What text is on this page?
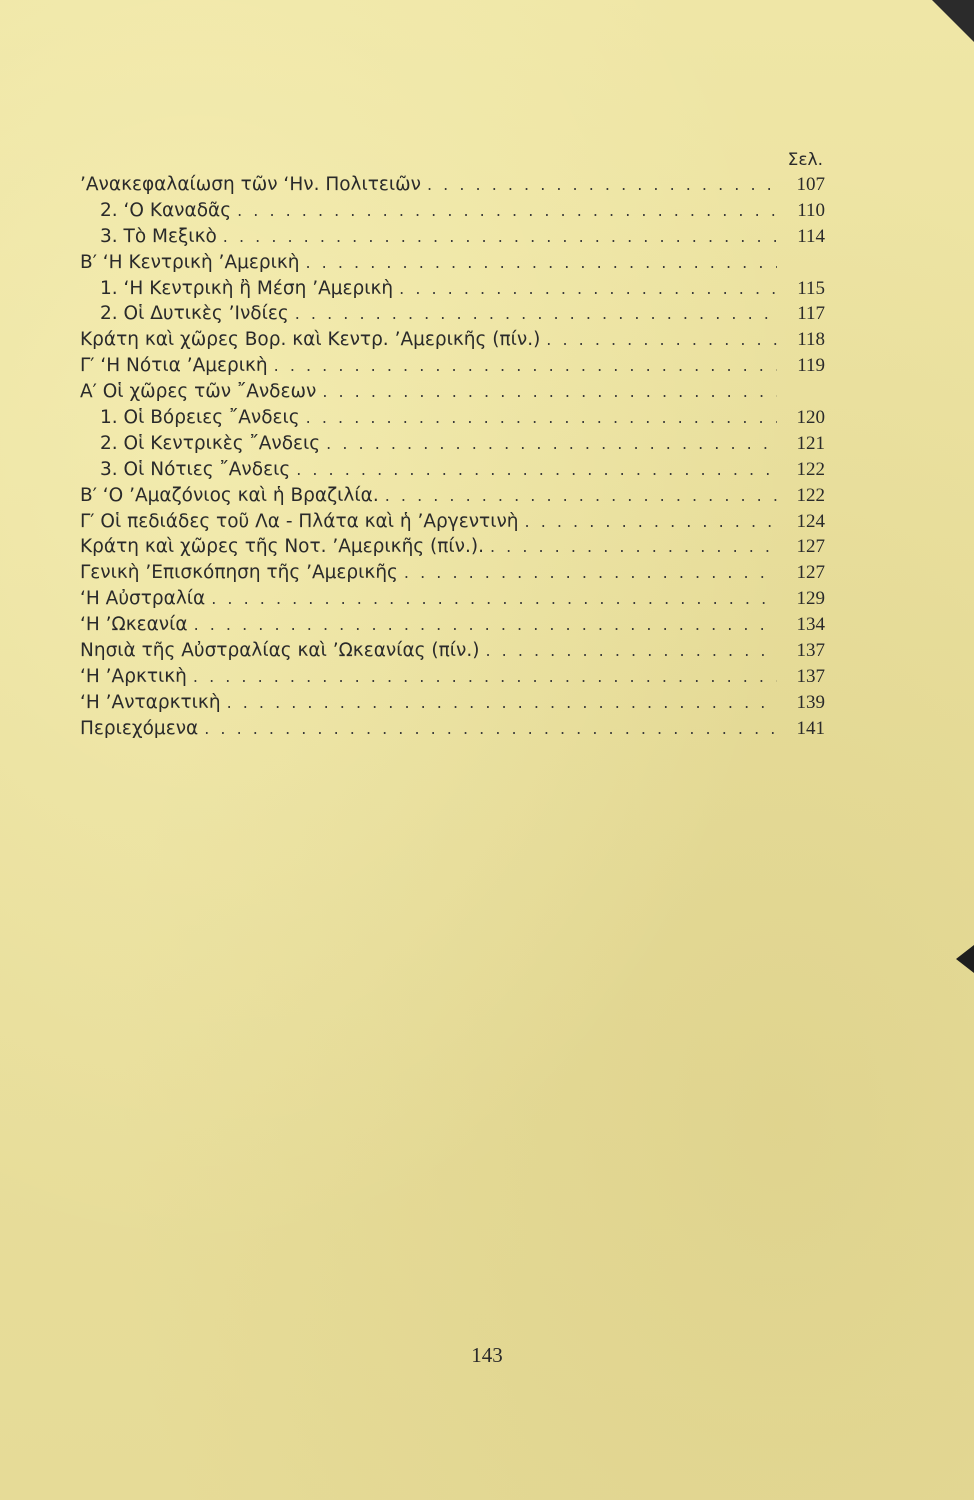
Σελ.
’Ανακεφαλαίωση τῶν ‘Ην. Πολιτειῶν . . .	107
2. ‘Ο Καναδᾶς . . .	110
3. Τὸ Μεξικὸ . . .	114
Β′ ‘Η Κεντρικὴ ’Αμερικὴ
. . .
1. ‘Η Κεντρικὴ ἢ Μέση ’Αμερικὴ . . .	115
2. Οἱ Δυτικὲς ’Ινδίες . . .	117
Κράτη καὶ χῶρες Βορ. καὶ Κεντρ. ’Αμερικῆς (πίν.) . . .	118
Γ′ ‘Η Νότια ’Αμερικὴ . . .	119
Α′ Οἱ χῶρες τῶν ῎Ανδεων
. . .
1. Οἱ Βόρειες ῎Ανδεις . . .	120
2. Οἱ Κεντρικὲς ῎Ανδεις . . .	121
3. Οἱ Νότιες ῎Ανδεις . . .	122
Β′ ‘Ο ’Αμαζόνιος καὶ ἡ Βραζιλία. . . .	122
Γ′ Οἱ πεδιάδες τοῦ Λα - Πλάτα καὶ ἡ ’Αργεντινὴ . . .	124
Κράτη καὶ χῶρες τῆς Νοτ. ’Αμερικῆς (πίν.). . . .	127
Γενικὴ ’Επισκόπηση τῆς ’Αμερικῆς . . .	127
‘Η Αὐστραλία . . .	129
‘Η ’Ωκεανία . . .	134
Νησιὰ τῆς Αὐστραλίας καὶ ’Ωκεανίας (πίν.) . . .	137
‘Η ’Αρκτικὴ . . .	137
‘Η ’Ανταρκτικὴ . . .	139
Περιεχόμενα . . .	141
143
